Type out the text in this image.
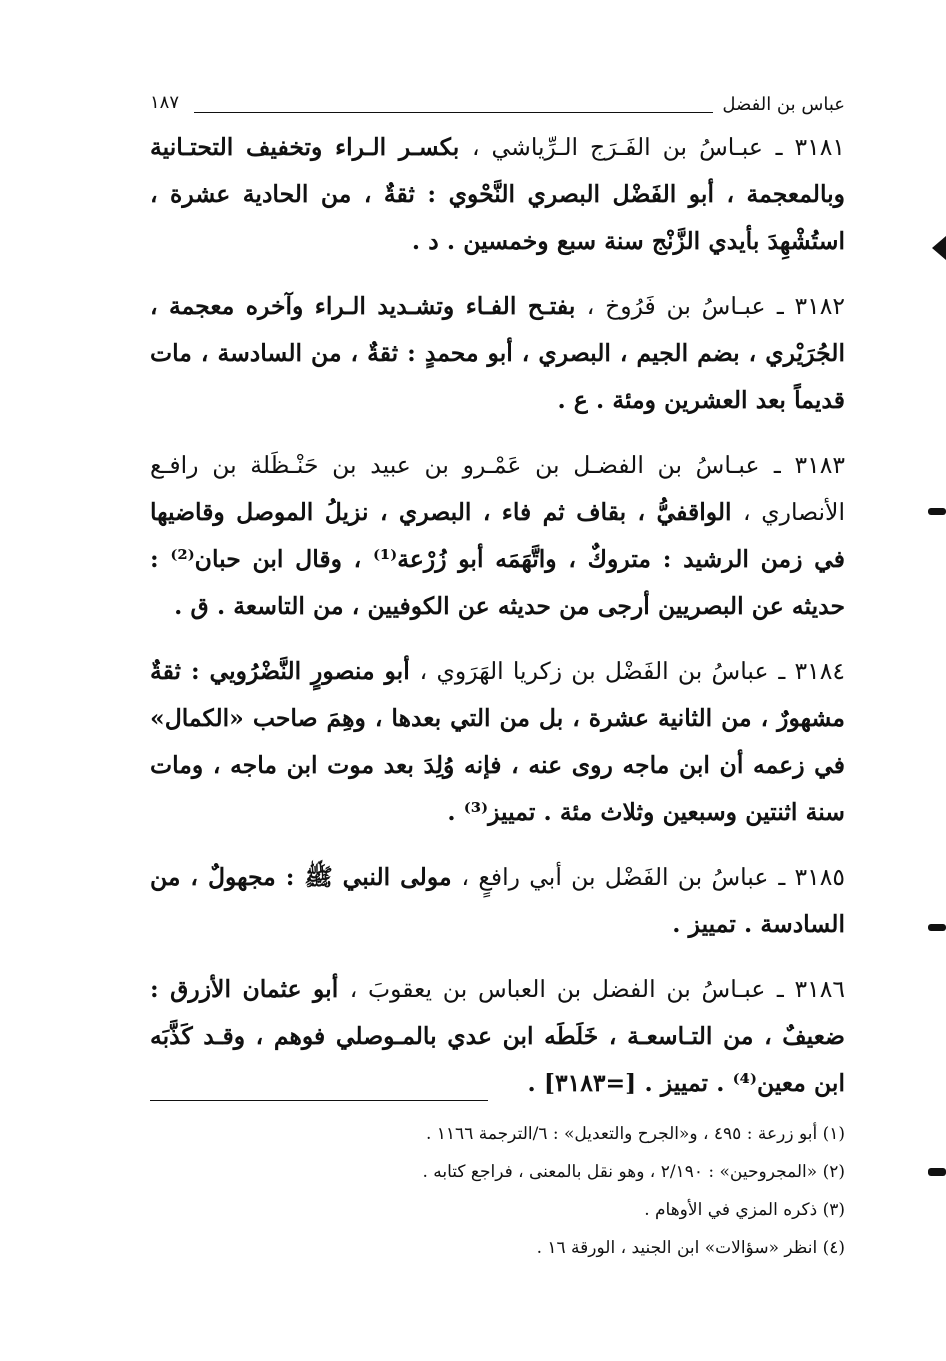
عباس بن الفضل
١٨٧

٣١٨١ ـ عبـاسُ بن الفَـرَج الـرِّياشي ، بكسـر الـراء وتخفيف التحتـانية وبالمعجمة ، أبو الفَضْل البصري النَّحْوي : ثقةٌ ، من الحادية عشرة ، استُشْهِدَ بأيدي الزَّنْج سنة سبع وخمسين . د .

٣١٨٢ ـ عبـاسُ بن فَرُوخ ، بفتـح الفـاء وتشـديد الـراء وآخره معجمة ، الجُرَيْري ، بضم الجيم ، البصري ، أبو محمدٍ : ثقةٌ ، من السادسة ، مات قديماً بعد العشرين ومئة . ع .

٣١٨٣ ـ عبـاسُ بن الفضـل بن عَمْـرو بن عبيد بن حَنْـظَلة بن رافـع الأنصاري ، الواقفيُّ ، بقاف ثم فاء ، البصري ، نزيلُ الموصل وقاضيها في زمن الرشيد : متروكٌ ، واتَّهَمَه أبو زُرْعة⁽¹⁾ ، وقال ابن حبان⁽²⁾ : حديثه عن البصريين أرجى من حديثه عن الكوفيين ، من التاسعة . ق .

٣١٨٤ ـ عباسُ بن الفَضْل بن زكريا الهَرَوي ، أبو منصورٍ النَّضْرُويي : ثقةٌ مشهورٌ ، من الثانية عشرة ، بل من التي بعدها ، وهِمَ صاحب «الكمال» في زعمه أن ابن ماجه روى عنه ، فإنه وُلِدَ بعد موت ابن ماجه ، ومات سنة اثنتين وسبعين وثلاث مئة . تمييز⁽³⁾ .

٣١٨٥ ـ عباسُ بن الفَضْل بن أبي رافعٍ ، مولى النبي ﷺ : مجهولٌ ، من السادسة . تمييز .

٣١٨٦ ـ عبـاسُ بن الفضل بن العباس بن يعقوبَ ، أبو عثمان الأزرق : ضعيفٌ ، من التـاسعـة ، خَلَطَه ابن عدي بالمـوصلي فوهم ، وقـد كَذَّبَه ابن معين⁽⁴⁾ . تمييز . [=٣١٨٣] .

(١) أبو زرعة : ٤٩٥ ، و«الجرح والتعديل» : ٦/الترجمة ١١٦٦ .

(٢) «المجروحين» : ٢/١٩٠ ، وهو نقل بالمعنى ، فراجع كتابه .

(٣) ذكره المزي في الأوهام .

(٤) انظر «سؤالات» ابن الجنيد ، الورقة ١٦ .
